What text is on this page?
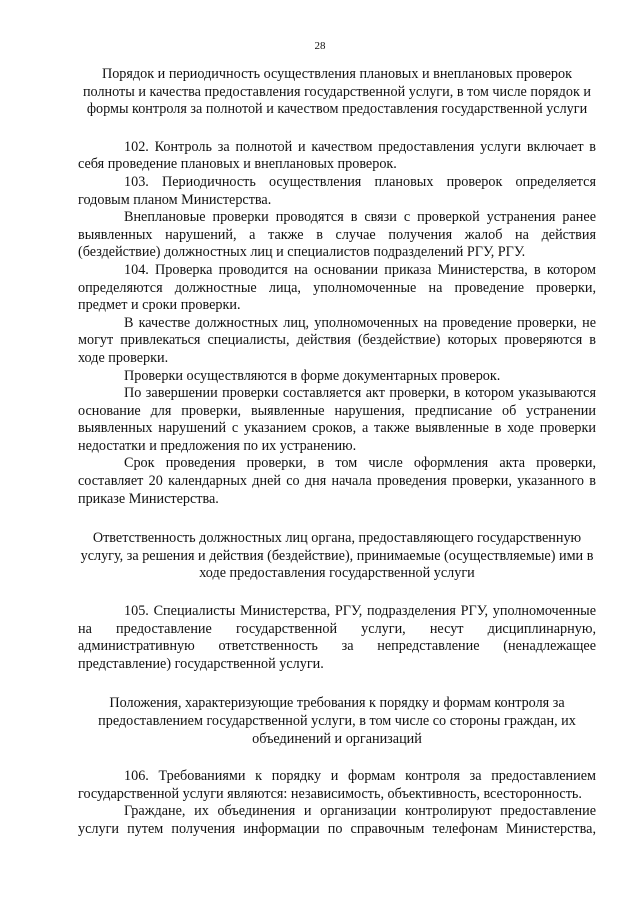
28

Порядок и периодичность осуществления плановых и внеплановых проверок полноты и качества предоставления государственной услуги, в том числе порядок и формы контроля за полнотой и качеством предоставления государственной услуги

102. Контроль за полнотой и качеством предоставления услуги включает в себя проведение плановых и внеплановых проверок.

103. Периодичность осуществления плановых проверок определяется годовым планом Министерства.

Внеплановые проверки проводятся в связи с проверкой устранения ранее выявленных нарушений, а также в случае получения жалоб на действия (бездействие) должностных лиц и специалистов подразделений РГУ, РГУ.

104. Проверка проводится на основании приказа Министерства, в котором определяются должностные лица, уполномоченные на проведение проверки, предмет и сроки проверки.

В качестве должностных лиц, уполномоченных на проведение проверки, не могут привлекаться специалисты, действия (бездействие) которых проверяются в ходе проверки.

Проверки осуществляются в форме документарных проверок.

По завершении проверки составляется акт проверки, в котором указываются основание для проверки, выявленные нарушения, предписание об устранении выявленных нарушений с указанием сроков, а также выявленные в ходе проверки недостатки и предложения по их устранению.

Срок проведения проверки, в том числе оформления акта проверки, составляет 20 календарных дней со дня начала проведения проверки, указанного в приказе Министерства.

Ответственность должностных лиц органа, предоставляющего государственную услугу, за решения и действия (бездействие), принимаемые (осуществляемые) ими в ходе предоставления государственной услуги

105. Специалисты Министерства, РГУ, подразделения РГУ, уполномоченные на предоставление государственной услуги, несут дисциплинарную, административную ответственность за непредставление (ненадлежащее представление) государственной услуги.

Положения, характеризующие требования к порядку и формам контроля за предоставлением государственной услуги, в том числе со стороны граждан, их объединений и организаций

106. Требованиями к порядку и формам контроля за предоставлением государственной услуги являются: независимость, объективность, всесторонность.

Граждане, их объединения и организации контролируют предоставление услуги путем получения информации по справочным телефонам Министерства,
